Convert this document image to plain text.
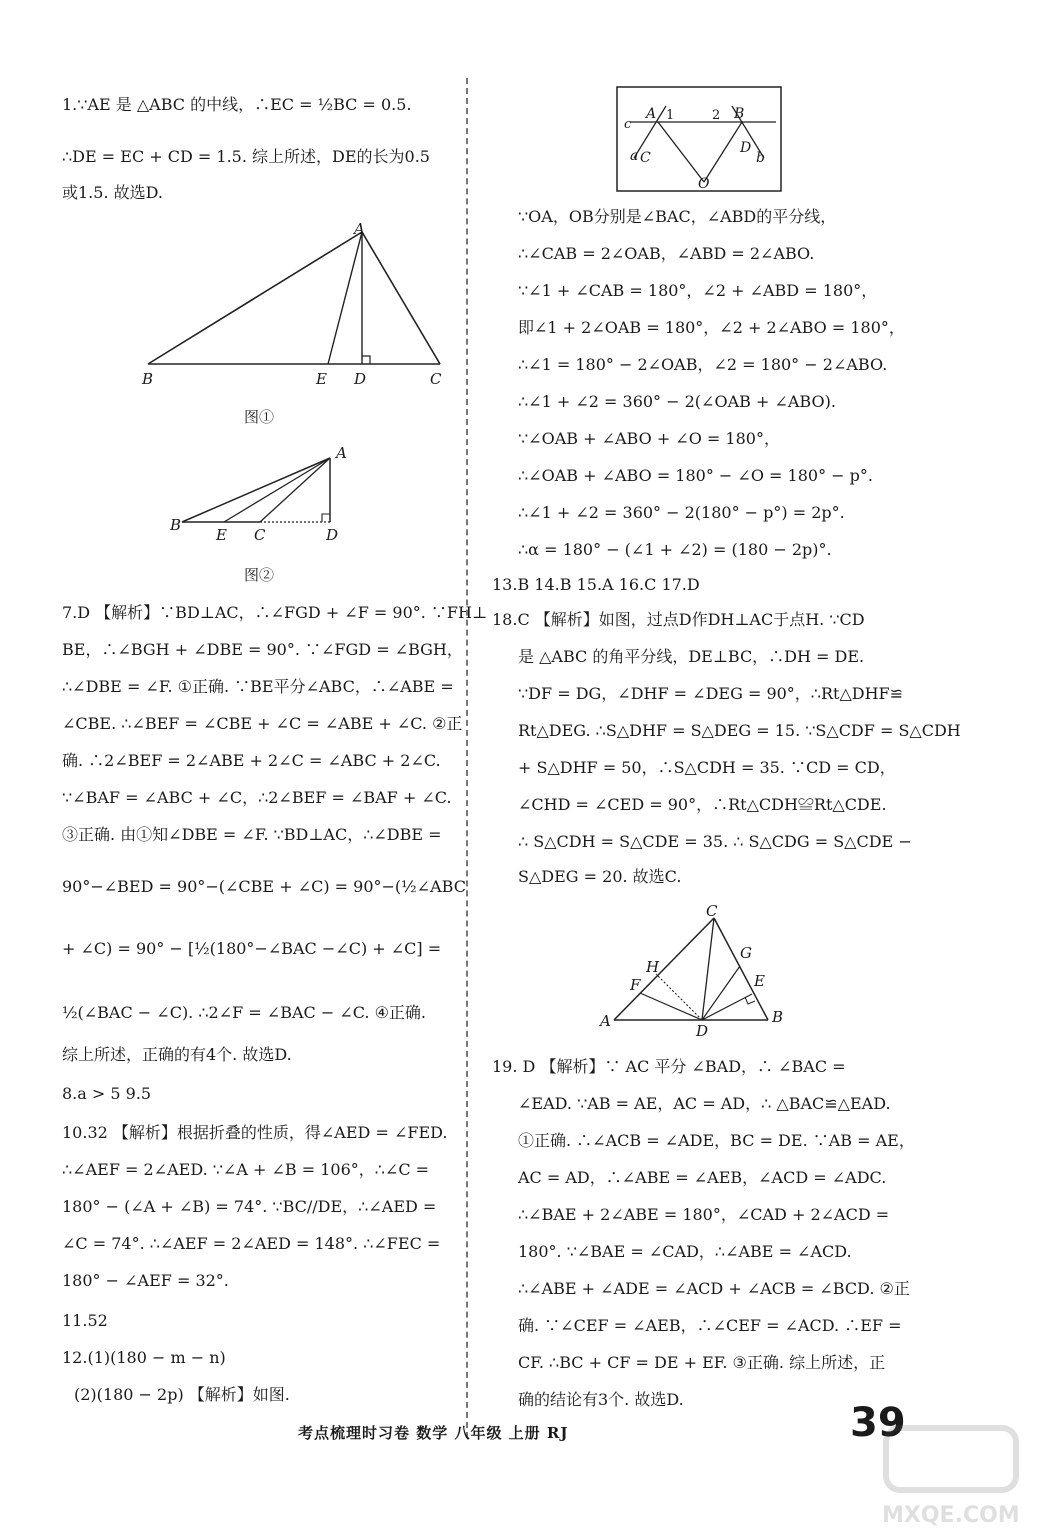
1.∵AE 是 △ABC 的中线，∴EC = ½BC = 0.5.
∴DE = EC + CD = 1.5. 综上所述，DE的长为0.5
或1.5. 故选D.
A
B	E D	C
图①
A
B
E C	D
图②
7.D 【解析】∵BD⊥AC，∴∠FGD + ∠F = 90°. ∵FH⊥
BE，∴∠BGH + ∠DBE = 90°. ∵∠FGD = ∠BGH，
∴∠DBE = ∠F. ①正确. ∵BE平分∠ABC，∴∠ABE =
∠CBE. ∴∠BEF = ∠CBE + ∠C = ∠ABE + ∠C. ②正
确. ∴2∠BEF = 2∠ABE + 2∠C = ∠ABC + 2∠C.
∵∠BAF = ∠ABC + ∠C，∴2∠BEF = ∠BAF + ∠C.
③正确. 由①知∠DBE = ∠F. ∵BD⊥AC，∴∠DBE =
90°−∠BED = 90°−(∠CBE + ∠C) = 90°−(½∠ABC
+ ∠C) = 90° − [½(180°−∠BAC −∠C) + ∠C] =
½(∠BAC − ∠C). ∴2∠F = ∠BAC − ∠C. ④正确.
综上所述，正确的有4个. 故选D.
8.a > 5 9.5
10.32 【解析】根据折叠的性质，得∠AED = ∠FED.
∴∠AEF = 2∠AED. ∵∠A + ∠B = 106°，∴∠C =
180° − (∠A + ∠B) = 74°. ∵BC//DE，∴∠AED =
∠C = 74°. ∴∠AEF = 2∠AED = 148°. ∴∠FEC =
180° − ∠AEF = 32°.
11.52
12.(1)(180 − m − n)
(2)(180 − 2p) 【解析】如图.
c
A 1	2 B
a C
D
b
O
∵OA，OB分别是∠BAC，∠ABD的平分线，
∴∠CAB = 2∠OAB，∠ABD = 2∠ABO.
∵∠1 + ∠CAB = 180°，∠2 + ∠ABD = 180°，
即∠1 + 2∠OAB = 180°，∠2 + 2∠ABO = 180°，
∴∠1 = 180° − 2∠OAB，∠2 = 180° − 2∠ABO.
∴∠1 + ∠2 = 360° − 2(∠OAB + ∠ABO).
∵∠OAB + ∠ABO + ∠O = 180°，
∴∠OAB + ∠ABO = 180° − ∠O = 180° − p°.
∴∠1 + ∠2 = 360° − 2(180° − p°) = 2p°.
∴α = 180° − (∠1 + ∠2) = (180 − 2p)°.
13.B 14.B 15.A 16.C 17.D
18.C 【解析】如图，过点D作DH⊥AC于点H. ∵CD
是 △ABC 的角平分线，DE⊥BC，∴DH = DE.
∵DF = DG，∠DHF = ∠DEG = 90°，∴Rt△DHF≌
Rt△DEG. ∴S△DHF = S△DEG = 15. ∵S△CDF = S△CDH
+ S△DHF = 50，∴S△CDH = 35. ∵CD = CD，
∠CHD = ∠CED = 90°，∴Rt△CDH≌Rt△CDE.
∴ S△CDH = S△CDE = 35. ∴ S△CDG = S△CDE −
S△DEG = 20. 故选C.
C
G
H
E
F
A
D
B
19. D 【解析】∵ AC 平分 ∠BAD，∴ ∠BAC =
∠EAD. ∵AB = AE，AC = AD，∴ △BAC≌△EAD.
①正确. ∴∠ACB = ∠ADE，BC = DE. ∵AB = AE，
AC = AD，∴∠ABE = ∠AEB，∠ACD = ∠ADC.
∴∠BAE + 2∠ABE = 180°，∠CAD + 2∠ACD =
180°. ∵∠BAE = ∠CAD，∴∠ABE = ∠ACD.
∴∠ABE + ∠ADE = ∠ACD + ∠ACB = ∠BCD. ②正
确. ∵∠CEF = ∠AEB，∴∠CEF = ∠ACD. ∴EF =
CF. ∴BC + CF = DE + EF. ③正确. 综上所述，正
确的结论有3个. 故选D.
考点梳理时习卷 数学 八年级 上册 RJ	39
MXQE.COM
